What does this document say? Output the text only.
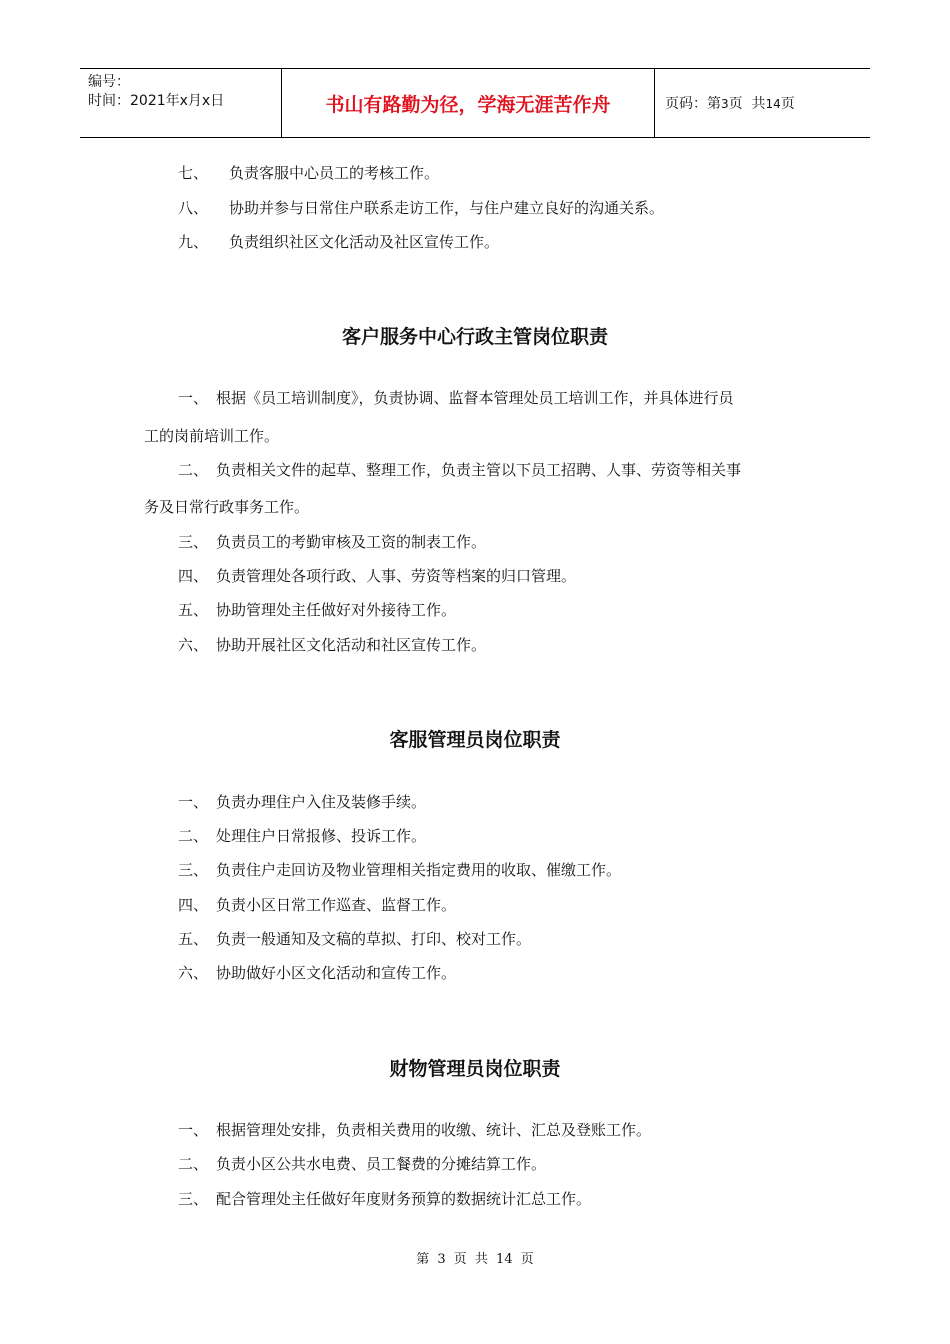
编号：
时间：2021年x月x日	书山有路勤为径，学海无涯苦作舟	页码：第3页  共14页
七、 负责客服中心员工的考核工作。
八、 协助并参与日常住户联系走访工作，与住户建立良好的沟通关系。
九、 负责组织社区文化活动及社区宣传工作。
客户服务中心行政主管岗位职责
一、 根据《员工培训制度》，负责协调、监督本管理处员工培训工作，并具体进行员
工的岗前培训工作。
二、 负责相关文件的起草、整理工作，负责主管以下员工招聘、人事、劳资等相关事
务及日常行政事务工作。
三、 负责员工的考勤审核及工资的制表工作。
四、 负责管理处各项行政、人事、劳资等档案的归口管理。
五、 协助管理处主任做好对外接待工作。
六、 协助开展社区文化活动和社区宣传工作。
客服管理员岗位职责
一、 负责办理住户入住及装修手续。
二、 处理住户日常报修、投诉工作。
三、 负责住户走回访及物业管理相关指定费用的收取、催缴工作。
四、 负责小区日常工作巡查、监督工作。
五、 负责一般通知及文稿的草拟、打印、校对工作。
六、 协助做好小区文化活动和宣传工作。
财物管理员岗位职责
一、 根据管理处安排，负责相关费用的收缴、统计、汇总及登账工作。
二、 负责小区公共水电费、员工餐费的分摊结算工作。
三、 配合管理处主任做好年度财务预算的数据统计汇总工作。
第 3 页 共 14 页
